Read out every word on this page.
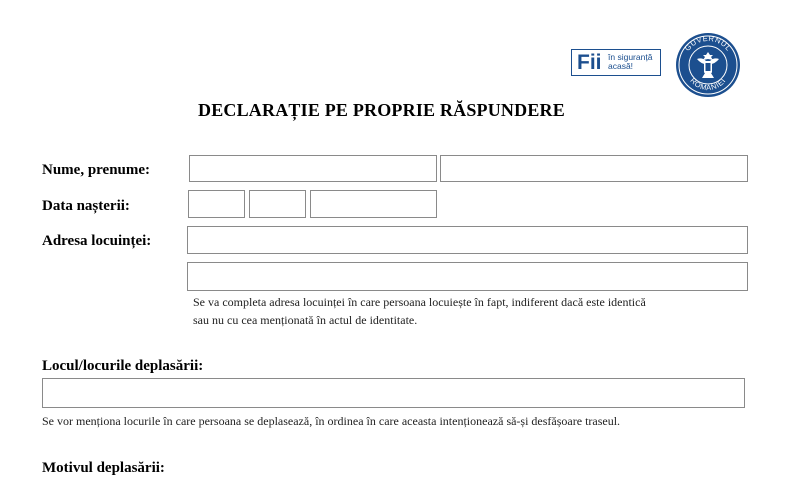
Fii în siguranță
acasă!
GUVERNUL
ROMÂNIEI
DECLARAȚIE PE PROPRIE RĂSPUNDERE
Nume, prenume:
Data nașterii:
Adresa locuinței:
Se va completa adresa locuinței în care persoana locuiește în fapt, indiferent dacă este identică
sau nu cu cea menționată în actul de identitate.
Locul/locurile deplasării:
Se vor menționa locurile în care persoana se deplasează, în ordinea în care aceasta intenționează să-și desfășoare traseul.
Motivul deplasării:
